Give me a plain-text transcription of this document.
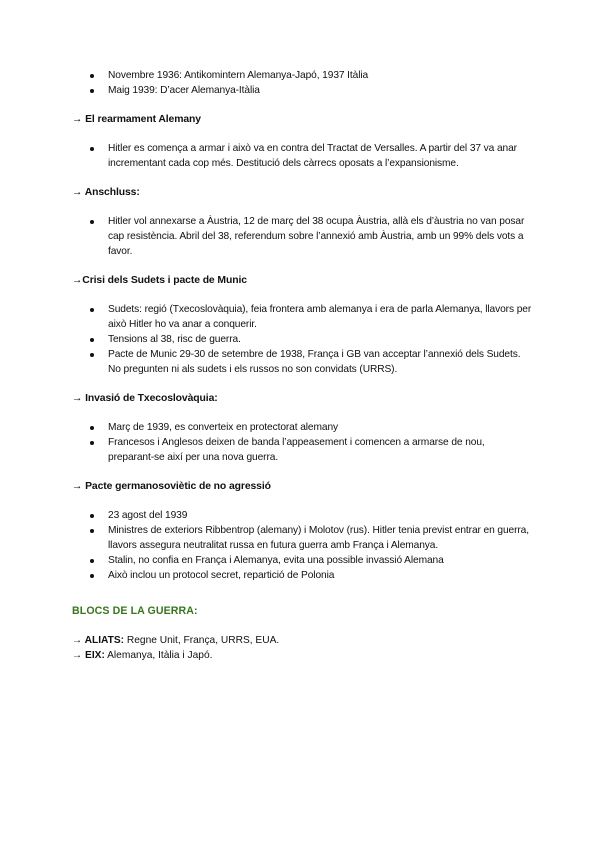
Novembre 1936: Antikomintern Alemanya-Japó, 1937 Itàlia
Maig 1939: D’acer Alemanya-Itàlia
→ El rearmament Alemany
Hitler es comença a armar i això va en contra del Tractat de Versalles. A partir del 37 va anar incrementant cada cop més. Destitució dels càrrecs oposats a l’expansionisme.
→ Anschluss:
Hitler vol annexarse a Àustria, 12 de març del 38 ocupa Àustria, allà els d’àustria no van posar cap resistència. Abril del 38, referendum sobre l’annexió amb Àustria, amb un 99% dels vots a favor.
→Crisi dels Sudets i pacte de Munic
Sudets: regió (Txecoslovàquia), feia frontera amb alemanya i era de parla Alemanya, llavors per això Hitler ho va anar a conquerir.
Tensions al 38, risc de guerra.
Pacte de Munic 29-30 de setembre de 1938, França i GB van acceptar l’annexió dels Sudets. No pregunten ni als sudets i els russos no son convidats (URRS).
→ Invasió de Txecoslovàquia:
Març de 1939, es converteix en protectorat alemany
Francesos i Anglesos deixen de banda l’appeasement i comencen a armarse de nou, preparant-se així per una nova guerra.
→ Pacte germanosoviètic de no agressió
23 agost del 1939
Ministres de exteriors Ribbentrop (alemany) i Molotov (rus). Hitler tenia previst entrar en guerra, llavors assegura neutralitat russa en futura guerra amb França i Alemanya.
Stalin, no confia en França i Alemanya, evita una possible invassió Alemana
Això inclou un protocol secret, repartició de Polonia
BLOCS DE LA GUERRA:
→ ALIATS: Regne Unit, França, URRS, EUA.
→ EIX: Alemanya, Itàlia i Japó.
